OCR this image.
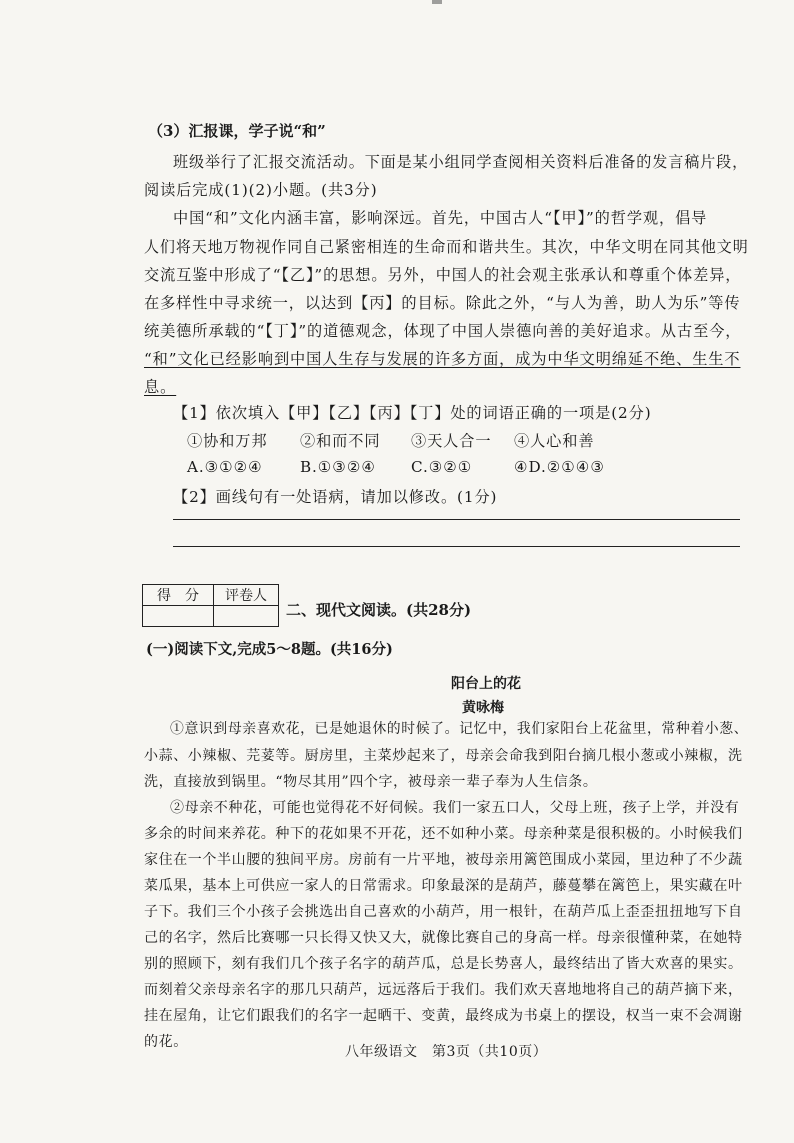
（3）汇报课，学子说“和”

班级举行了汇报交流活动。下面是某小组同学查阅相关资料后准备的发言稿片段，

阅读后完成(1)(2)小题。(共3分)

中国“和”文化内涵丰富，影响深远。首先，中国古人“【甲】”的哲学观，倡导

人们将天地万物视作同自己紧密相连的生命而和谐共生。其次，中华文明在同其他文明

交流互鉴中形成了“【乙】”的思想。另外，中国人的社会观主张承认和尊重个体差异，

在多样性中寻求统一，以达到【丙】的目标。除此之外，“与人为善，助人为乐”等传

统美德所承载的“【丁】”的道德观念，体现了中国人崇德向善的美好追求。从古至今，

“和”文化已经影响到中国人生存与发展的许多方面，成为中华文明绵延不绝、生生不

息。

【1】依次填入【甲】【乙】【丙】【丁】处的词语正确的一项是(2分)

①协和万邦 ②和而不同 ③天人合一 ④人心和善

A.③①②④ B.①③②④ C.③②①	④D.②①④③

【2】画线句有一处语病，请加以修改。(1分)

得　分	评卷人

二、现代文阅读。(共28分)

(一)阅读下文,完成5～8题。(共16分)

阳台上的花

黄咏梅

①意识到母亲喜欢花，已是她退休的时候了。记忆中，我们家阳台上花盆里，常种着小葱、

小蒜、小辣椒、芫荽等。厨房里，主菜炒起来了，母亲会命我到阳台摘几根小葱或小辣椒，洗

洗，直接放到锅里。“物尽其用”四个字，被母亲一辈子奉为人生信条。

②母亲不种花，可能也觉得花不好伺候。我们一家五口人，父母上班，孩子上学，并没有

多余的时间来养花。种下的花如果不开花，还不如种小菜。母亲种菜是很积极的。小时候我们

家住在一个半山腰的独间平房。房前有一片平地，被母亲用篱笆围成小菜园，里边种了不少蔬

菜瓜果，基本上可供应一家人的日常需求。印象最深的是葫芦，藤蔓攀在篱笆上，果实藏在叶

子下。我们三个小孩子会挑选出自己喜欢的小葫芦，用一根针，在葫芦瓜上歪歪扭扭地写下自

己的名字，然后比赛哪一只长得又快又大，就像比赛自己的身高一样。母亲很懂种菜，在她特

别的照顾下，刻有我们几个孩子名字的葫芦瓜，总是长势喜人，最终结出了皆大欢喜的果实。

而刻着父亲母亲名字的那几只葫芦，远远落后于我们。我们欢天喜地地将自己的葫芦摘下来，

挂在屋角，让它们跟我们的名字一起晒干、变黄，最终成为书桌上的摆设，权当一束不会凋谢

的花。

八年级语文　第3页（共10页）
